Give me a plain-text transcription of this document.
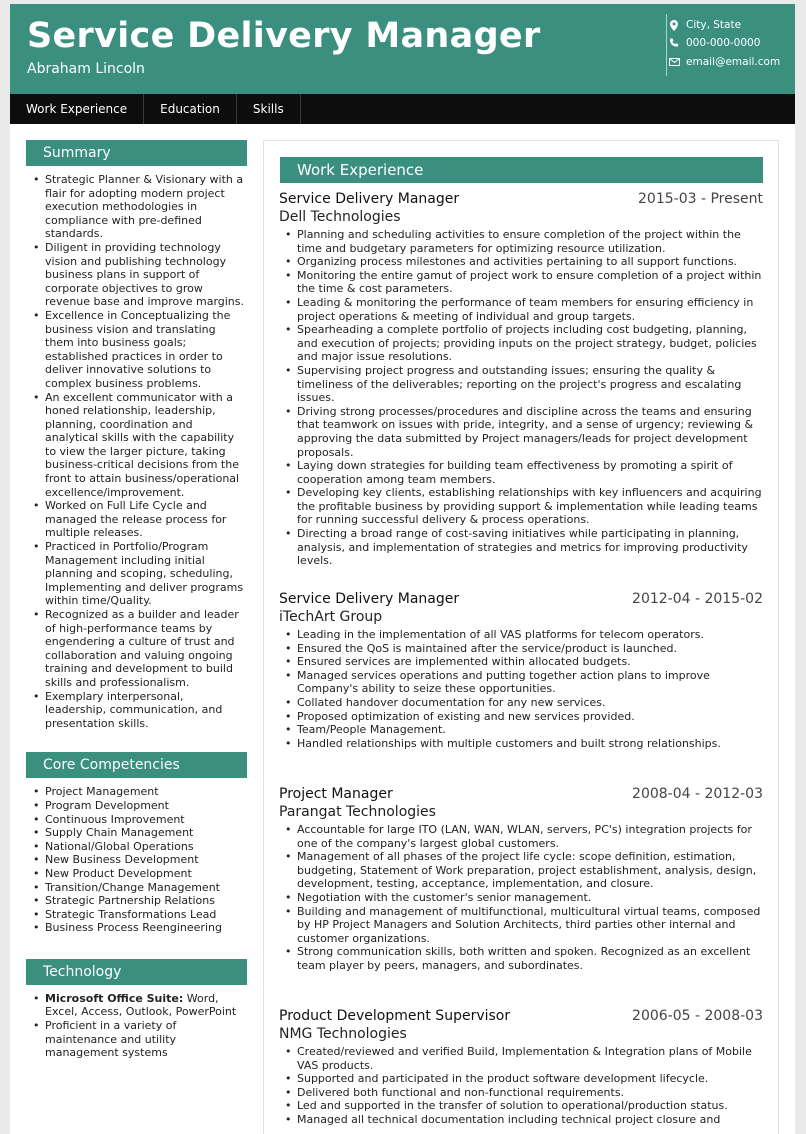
Service Delivery Manager
Abraham Lincoln
City, State
000-000-0000
email@email.com
Work Experience	Education	Skills
Summary
• Strategic Planner & Visionary with a flair for adopting modern project execution methodologies in compliance with pre-defined standards.
• Diligent in providing technology vision and publishing technology business plans in support of corporate objectives to grow revenue base and improve margins.
• Excellence in Conceptualizing the business vision and translating them into business goals; established practices in order to deliver innovative solutions to complex business problems.
• An excellent communicator with a honed relationship, leadership, planning, coordination and analytical skills with the capability to view the larger picture, taking business-critical decisions from the front to attain business/operational excellence/improvement.
• Worked on Full Life Cycle and managed the release process for multiple releases.
• Practiced in Portfolio/Program Management including initial planning and scoping, scheduling, Implementing and deliver programs within time/Quality.
• Recognized as a builder and leader of high-performance teams by engendering a culture of trust and collaboration and valuing ongoing training and development to build skills and professionalism.
• Exemplary interpersonal, leadership, communication, and presentation skills.
Core Competencies
• Project Management
• Program Development
• Continuous Improvement
• Supply Chain Management
• National/Global Operations
• New Business Development
• New Product Development
• Transition/Change Management
• Strategic Partnership Relations
• Strategic Transformations Lead
• Business Process Reengineering
Technology
• Microsoft Office Suite: Word, Excel, Access, Outlook, PowerPoint
• Proficient in a variety of maintenance and utility management systems
Work Experience
Service Delivery Manager	2015-03 - Present
Dell Technologies
• Planning and scheduling activities to ensure completion of the project within the time and budgetary parameters for optimizing resource utilization.
• Organizing process milestones and activities pertaining to all support functions.
• Monitoring the entire gamut of project work to ensure completion of a project within the time & cost parameters.
• Leading & monitoring the performance of team members for ensuring efficiency in project operations & meeting of individual and group targets.
• Spearheading a complete portfolio of projects including cost budgeting, planning, and execution of projects; providing inputs on the project strategy, budget, policies and major issue resolutions.
• Supervising project progress and outstanding issues; ensuring the quality & timeliness of the deliverables; reporting on the project's progress and escalating issues.
• Driving strong processes/procedures and discipline across the teams and ensuring that teamwork on issues with pride, integrity, and a sense of urgency; reviewing & approving the data submitted by Project managers/leads for project development proposals.
• Laying down strategies for building team effectiveness by promoting a spirit of cooperation among team members.
• Developing key clients, establishing relationships with key influencers and acquiring the profitable business by providing support & implementation while leading teams for running successful delivery & process operations.
• Directing a broad range of cost-saving initiatives while participating in planning, analysis, and implementation of strategies and metrics for improving productivity levels.
Service Delivery Manager	2012-04 - 2015-02
iTechArt Group
• Leading in the implementation of all VAS platforms for telecom operators.
• Ensured the QoS is maintained after the service/product is launched.
• Ensured services are implemented within allocated budgets.
• Managed services operations and putting together action plans to improve Company's ability to seize these opportunities.
• Collated handover documentation for any new services.
• Proposed optimization of existing and new services provided.
• Team/People Management.
• Handled relationships with multiple customers and built strong relationships.
Project Manager	2008-04 - 2012-03
Parangat Technologies
• Accountable for large ITO (LAN, WAN, WLAN, servers, PC's) integration projects for one of the company's largest global customers.
• Management of all phases of the project life cycle: scope definition, estimation, budgeting, Statement of Work preparation, project establishment, analysis, design, development, testing, acceptance, implementation, and closure.
• Negotiation with the customer's senior management.
• Building and management of multifunctional, multicultural virtual teams, composed by HP Project Managers and Solution Architects, third parties other internal and customer organizations.
• Strong communication skills, both written and spoken. Recognized as an excellent team player by peers, managers, and subordinates.
Product Development Supervisor	2006-05 - 2008-03
NMG Technologies
• Created/reviewed and verified Build, Implementation & Integration plans of Mobile VAS products.
• Supported and participated in the product software development lifecycle.
• Delivered both functional and non-functional requirements.
• Led and supported in the transfer of solution to operational/production status.
• Managed all technical documentation including technical project closure and
